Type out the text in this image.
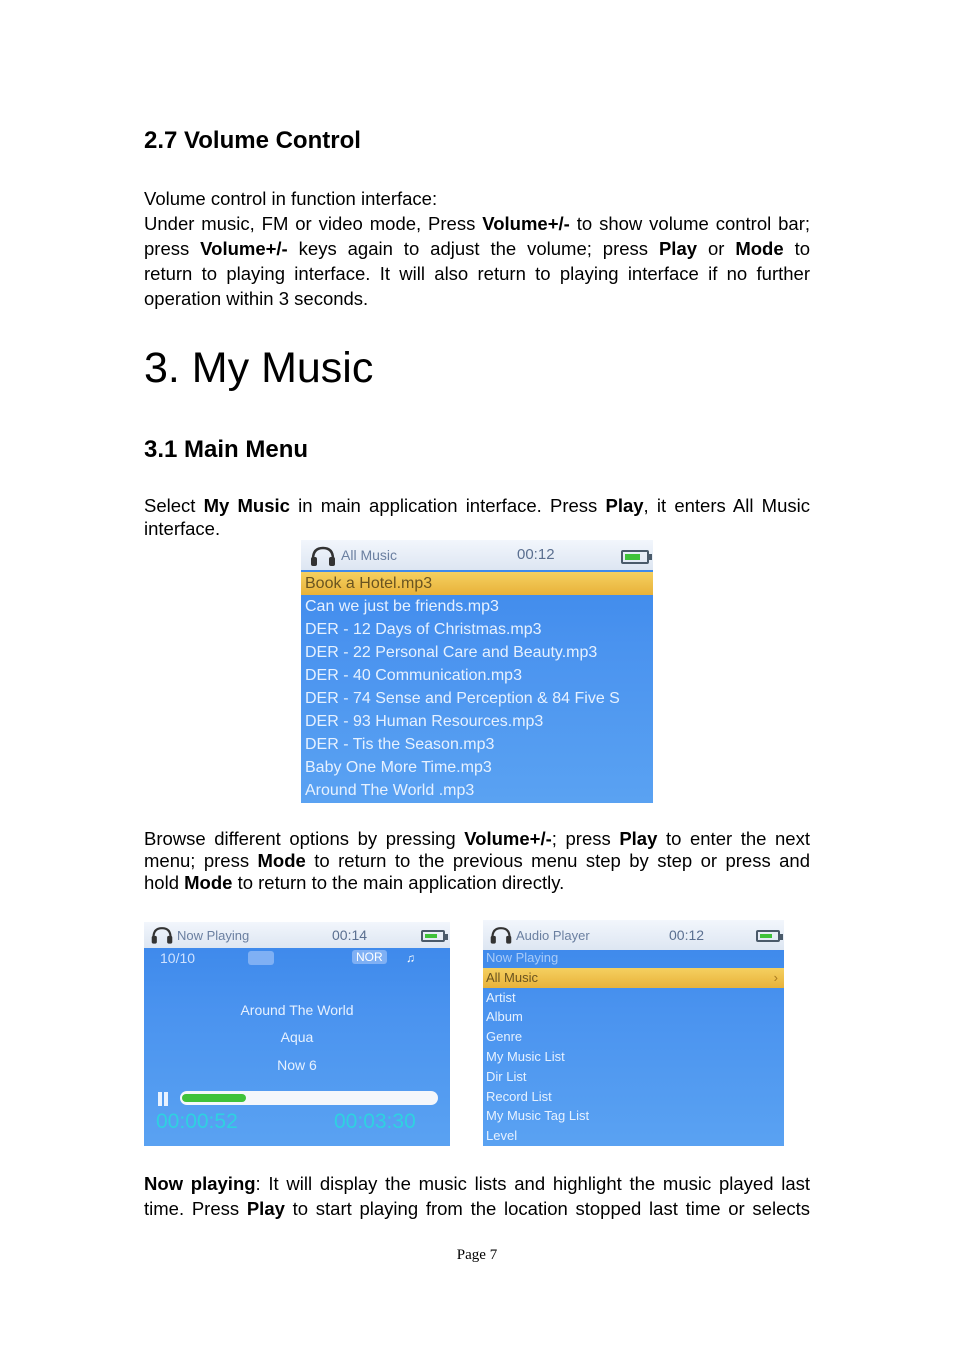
2.7 Volume Control
Volume control in function interface:
Under music, FM or video mode, Press Volume+/- to show volume control bar;
press Volume+/- keys again to adjust the volume; press Play or Mode to
return to playing interface. It will also return to playing interface if no further
operation within 3 seconds.
3. My Music
3.1 Main Menu
Select My Music in main application interface. Press Play, it enters All Music
interface.
All Music	00:12
Book a Hotel.mp3
Can we just be friends.mp3
DER - 12 Days of Christmas.mp3
DER - 22 Personal Care and Beauty.mp3
DER - 40 Communication.mp3
DER - 74 Sense and Perception & 84 Five S
DER - 93 Human Resources.mp3
DER - Tis the Season.mp3
Baby One More Time.mp3
Around The World .mp3
Browse different options by pressing Volume+/-; press Play to enter the next
menu; press Mode to return to the previous menu step by step or press and
hold Mode to return to the main application directly.
Now Playing	00:14
10/10	NOR	♫
Around The World
Aqua
Now 6
00:00:52	00:03:30
Audio Player	00:12
Now Playing
All Music	›
Artist
Album
Genre
My Music List
Dir List
Record List
My Music Tag List
Level
Now playing: It will display the music lists and highlight the music played last
time. Press Play to start playing from the location stopped last time or selects
Page 7
